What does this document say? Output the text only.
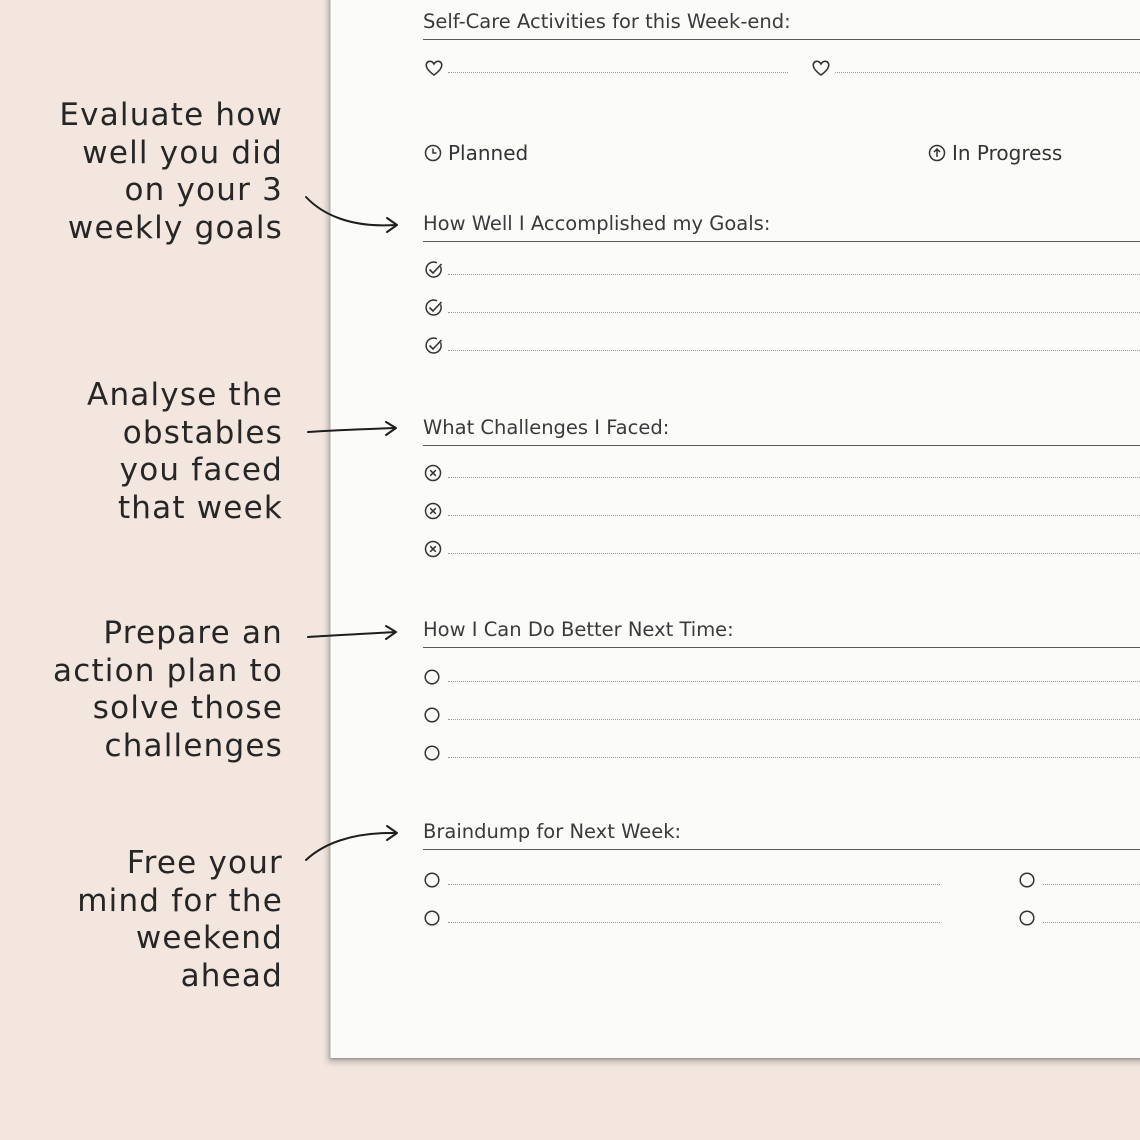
Evaluate how
well you did
on your 3
weekly goals
Analyse the
obstables
you faced
that week
Prepare an
action plan to
solve those
challenges
Free your
mind for the
weekend
ahead
Self-Care Activities for this Week-end:
Planned	In Progress
How Well I Accomplished my Goals:
What Challenges I Faced:
How I Can Do Better Next Time:
Braindump for Next Week:
